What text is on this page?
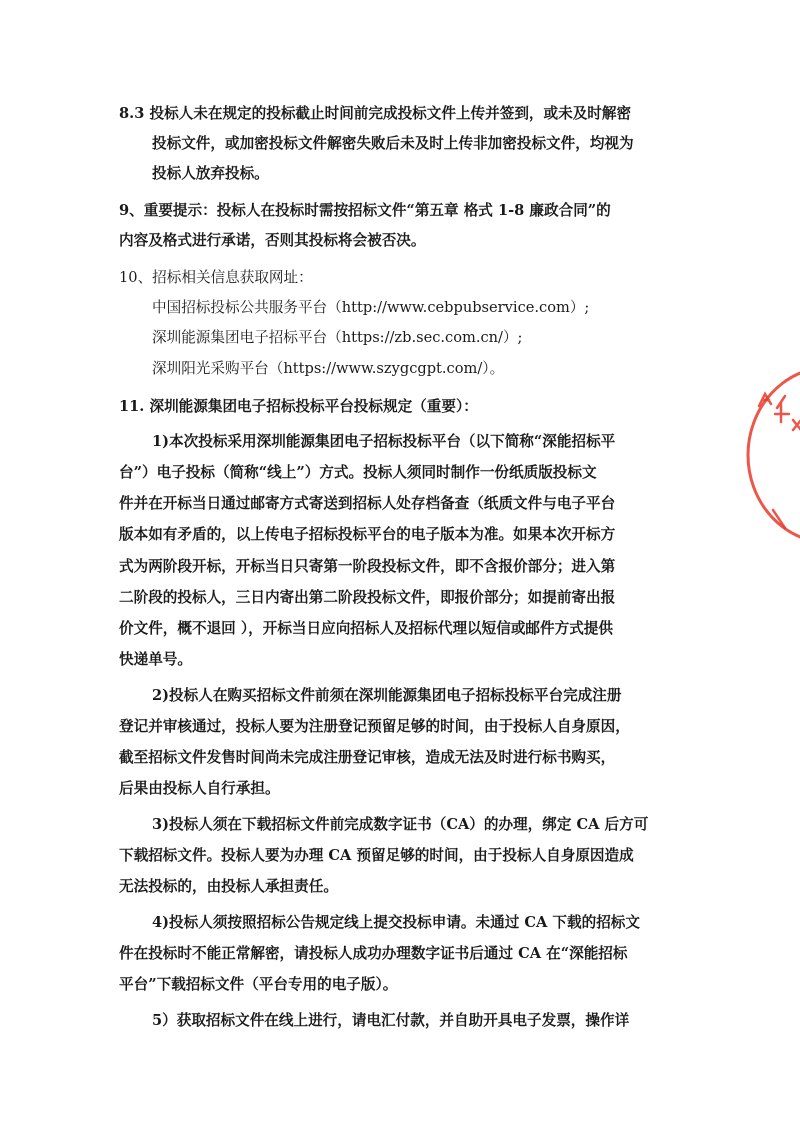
8.3 投标人未在规定的投标截止时间前完成投标文件上传并签到，或未及时解密

投标文件，或加密投标文件解密失败后未及时上传非加密投标文件，均视为

投标人放弃投标。

9、重要提示：投标人在投标时需按招标文件“第五章 格式 1-8 廉政合同”的

内容及格式进行承诺，否则其投标将会被否决。

10、招标相关信息获取网址：

中国招标投标公共服务平台（http://www.cebpubservice.com）;

深圳能源集团电子招标平台（https://zb.sec.com.cn/）;

深圳阳光采购平台（https://www.szygcgpt.com/）。

11. 深圳能源集团电子招标投标平台投标规定（重要）：

1)本次投标采用深圳能源集团电子招标投标平台（以下简称“深能招标平

台”）电子投标（简称“线上”）方式。投标人须同时制作一份纸质版投标文

件并在开标当日通过邮寄方式寄送到招标人处存档备查（纸质文件与电子平台

版本如有矛盾的，以上传电子招标投标平台的电子版本为准。如果本次开标方

式为两阶段开标，开标当日只寄第一阶段投标文件，即不含报价部分；进入第

二阶段的投标人，三日内寄出第二阶段投标文件，即报价部分；如提前寄出报

价文件，概不退回 ），开标当日应向招标人及招标代理以短信或邮件方式提供

快递单号。

2)投标人在购买招标文件前须在深圳能源集团电子招标投标平台完成注册

登记并审核通过，投标人要为注册登记预留足够的时间，由于投标人自身原因，

截至招标文件发售时间尚未完成注册登记审核，造成无法及时进行标书购买，

后果由投标人自行承担。

3)投标人须在下载招标文件前完成数字证书（CA）的办理，绑定 CA 后方可

下载招标文件。投标人要为办理 CA 预留足够的时间，由于投标人自身原因造成

无法投标的，由投标人承担责任。

4)投标人须按照招标公告规定线上提交投标申请。未通过 CA 下载的招标文

件在投标时不能正常解密，请投标人成功办理数字证书后通过 CA 在“深能招标

平台”下载招标文件（平台专用的电子版）。

5）获取招标文件在线上进行，请电汇付款，并自助开具电子发票，操作详
